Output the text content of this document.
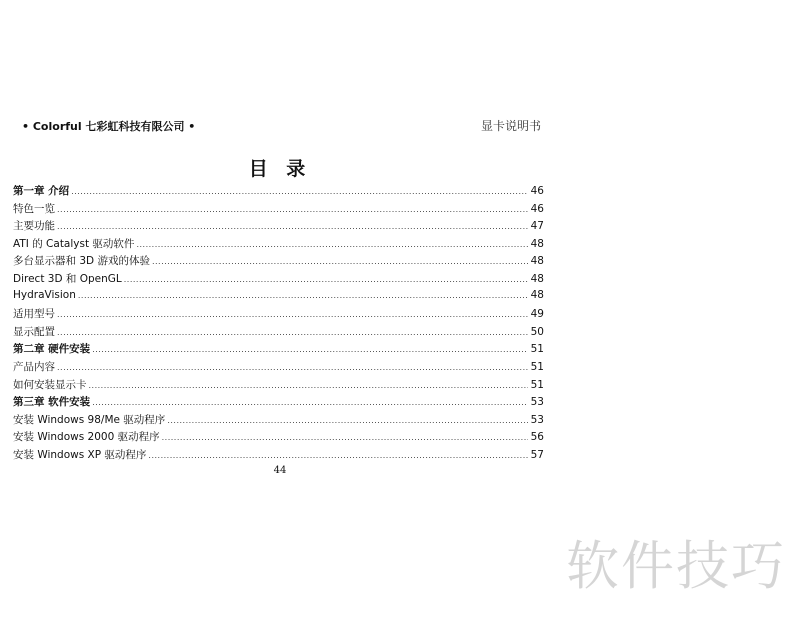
• Colorful 七彩虹科技有限公司 •	显卡说明书
目 录
第一章 介绍 .....	46
特色一览 .....	46
主要功能 .....	47
ATI 的 Catalyst 驱动软件 .....	48
多台显示器和 3D 游戏的体验 .....	48
Direct 3D 和 OpenGL .....	48
HydraVision .....	48
适用型号 .....	49
显示配置 .....	50
第二章 硬件安装 .....	51
产品内容 .....	51
如何安装显示卡 .....	51
第三章 软件安装 .....	53
安装 Windows 98/Me 驱动程序 .....	53
安装 Windows 2000 驱动程序 .....	56
安装 Windows XP 驱动程序 .....	57
44
软件技巧
